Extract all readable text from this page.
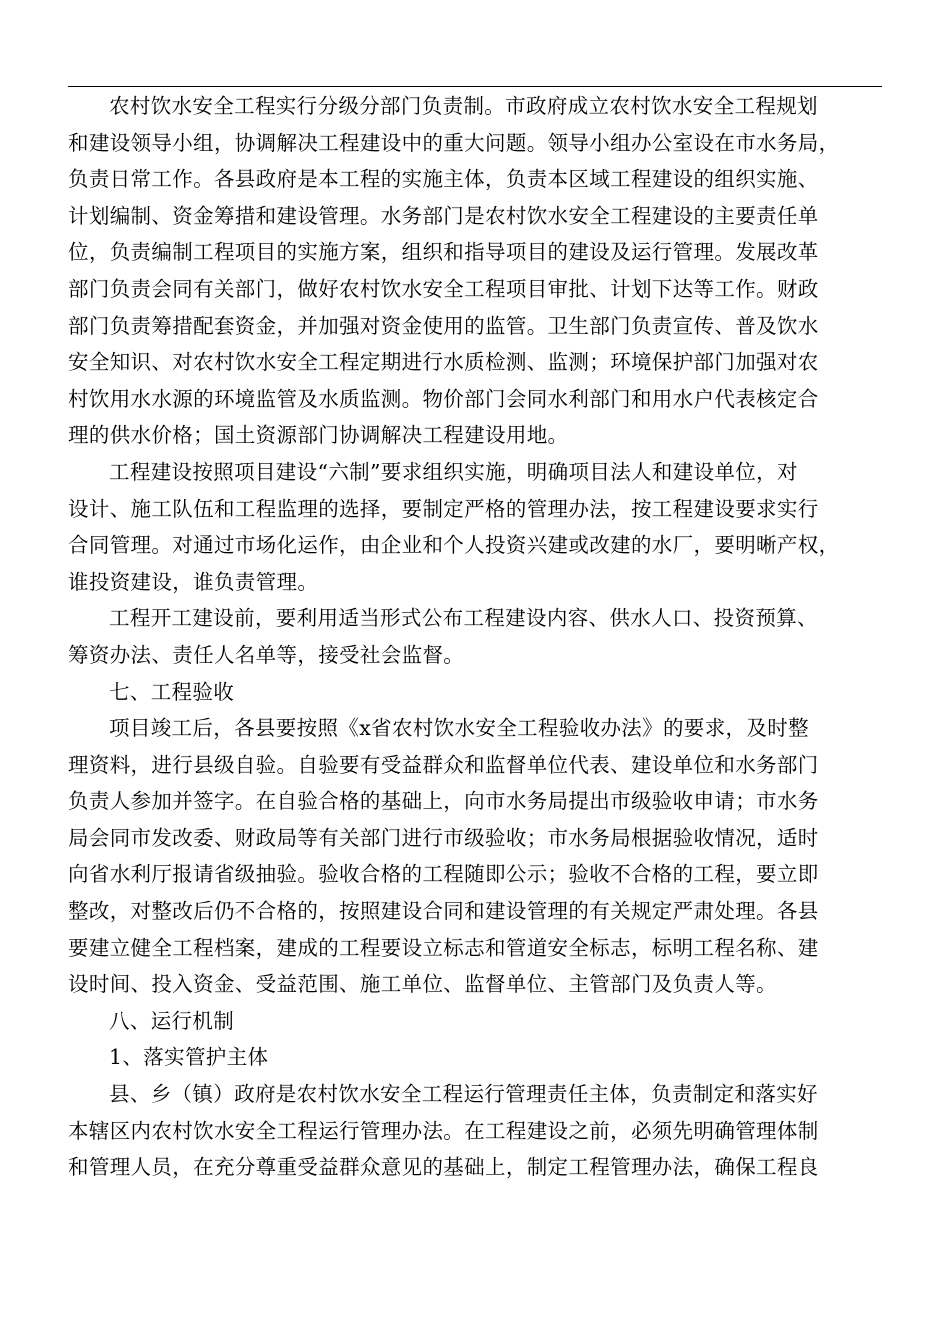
农村饮水安全工程实行分级分部门负责制。市政府成立农村饮水安全工程规划
和建设领导小组，协调解决工程建设中的重大问题。领导小组办公室设在市水务局，
负责日常工作。各县政府是本工程的实施主体，负责本区域工程建设的组织实施、
计划编制、资金筹措和建设管理。水务部门是农村饮水安全工程建设的主要责任单
位，负责编制工程项目的实施方案，组织和指导项目的建设及运行管理。发展改革
部门负责会同有关部门，做好农村饮水安全工程项目审批、计划下达等工作。财政
部门负责筹措配套资金，并加强对资金使用的监管。卫生部门负责宣传、普及饮水
安全知识、对农村饮水安全工程定期进行水质检测、监测；环境保护部门加强对农
村饮用水水源的环境监管及水质监测。物价部门会同水利部门和用水户代表核定合
理的供水价格；国土资源部门协调解决工程建设用地。
工程建设按照项目建设“六制”要求组织实施，明确项目法人和建设单位，对
设计、施工队伍和工程监理的选择，要制定严格的管理办法，按工程建设要求实行
合同管理。对通过市场化运作，由企业和个人投资兴建或改建的水厂，要明晰产权，
谁投资建设，谁负责管理。
工程开工建设前，要利用适当形式公布工程建设内容、供水人口、投资预算、
筹资办法、责任人名单等，接受社会监督。
七、工程验收
项目竣工后，各县要按照《x省农村饮水安全工程验收办法》的要求，及时整
理资料，进行县级自验。自验要有受益群众和监督单位代表、建设单位和水务部门
负责人参加并签字。在自验合格的基础上，向市水务局提出市级验收申请；市水务
局会同市发改委、财政局等有关部门进行市级验收；市水务局根据验收情况，适时
向省水利厅报请省级抽验。验收合格的工程随即公示；验收不合格的工程，要立即
整改，对整改后仍不合格的，按照建设合同和建设管理的有关规定严肃处理。各县
要建立健全工程档案，建成的工程要设立标志和管道安全标志，标明工程名称、建
设时间、投入资金、受益范围、施工单位、监督单位、主管部门及负责人等。
八、运行机制
1、落实管护主体
县、乡（镇）政府是农村饮水安全工程运行管理责任主体，负责制定和落实好
本辖区内农村饮水安全工程运行管理办法。在工程建设之前，必须先明确管理体制
和管理人员，在充分尊重受益群众意见的基础上，制定工程管理办法，确保工程良
